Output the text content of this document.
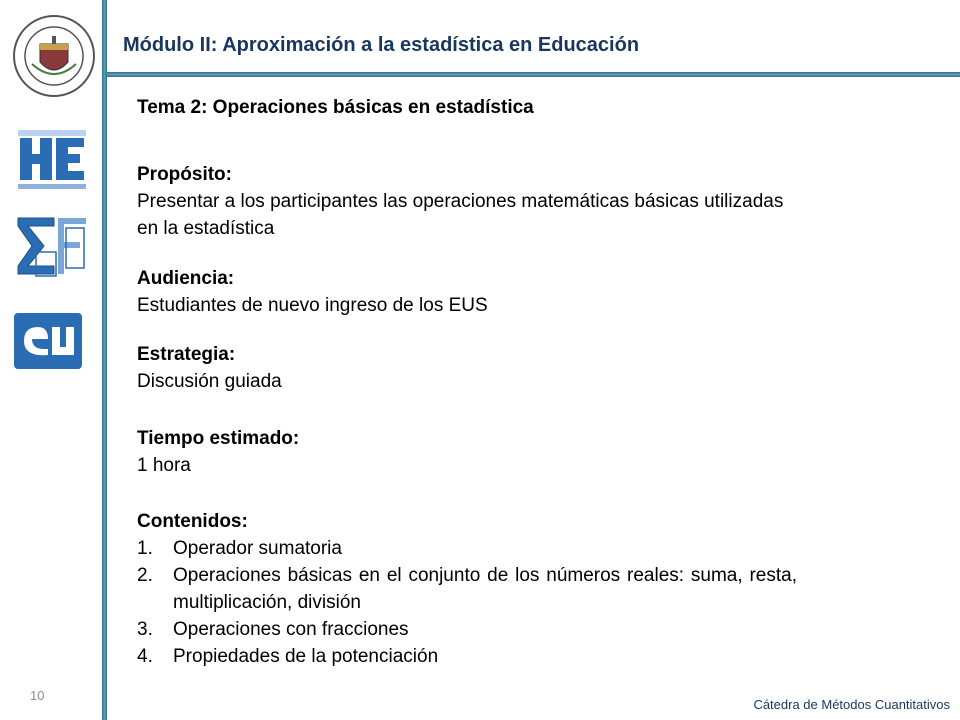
Módulo II: Aproximación a la estadística en Educación
Tema 2: Operaciones básicas en estadística

Propósito:

Presentar a los participantes las operaciones matemáticas básicas utilizadas en la estadística

Audiencia:

Estudiantes de nuevo ingreso de los EUS

Estrategia:

Discusión guiada

Tiempo estimado:

1 hora

Contenidos:

1.	Operador sumatoria
2.	Operaciones básicas en el conjunto de los números reales: suma, resta, multiplicación, división
3.	Operaciones con fracciones
4.	Propiedades de la potenciación
10
Cátedra de Métodos Cuantitativos
